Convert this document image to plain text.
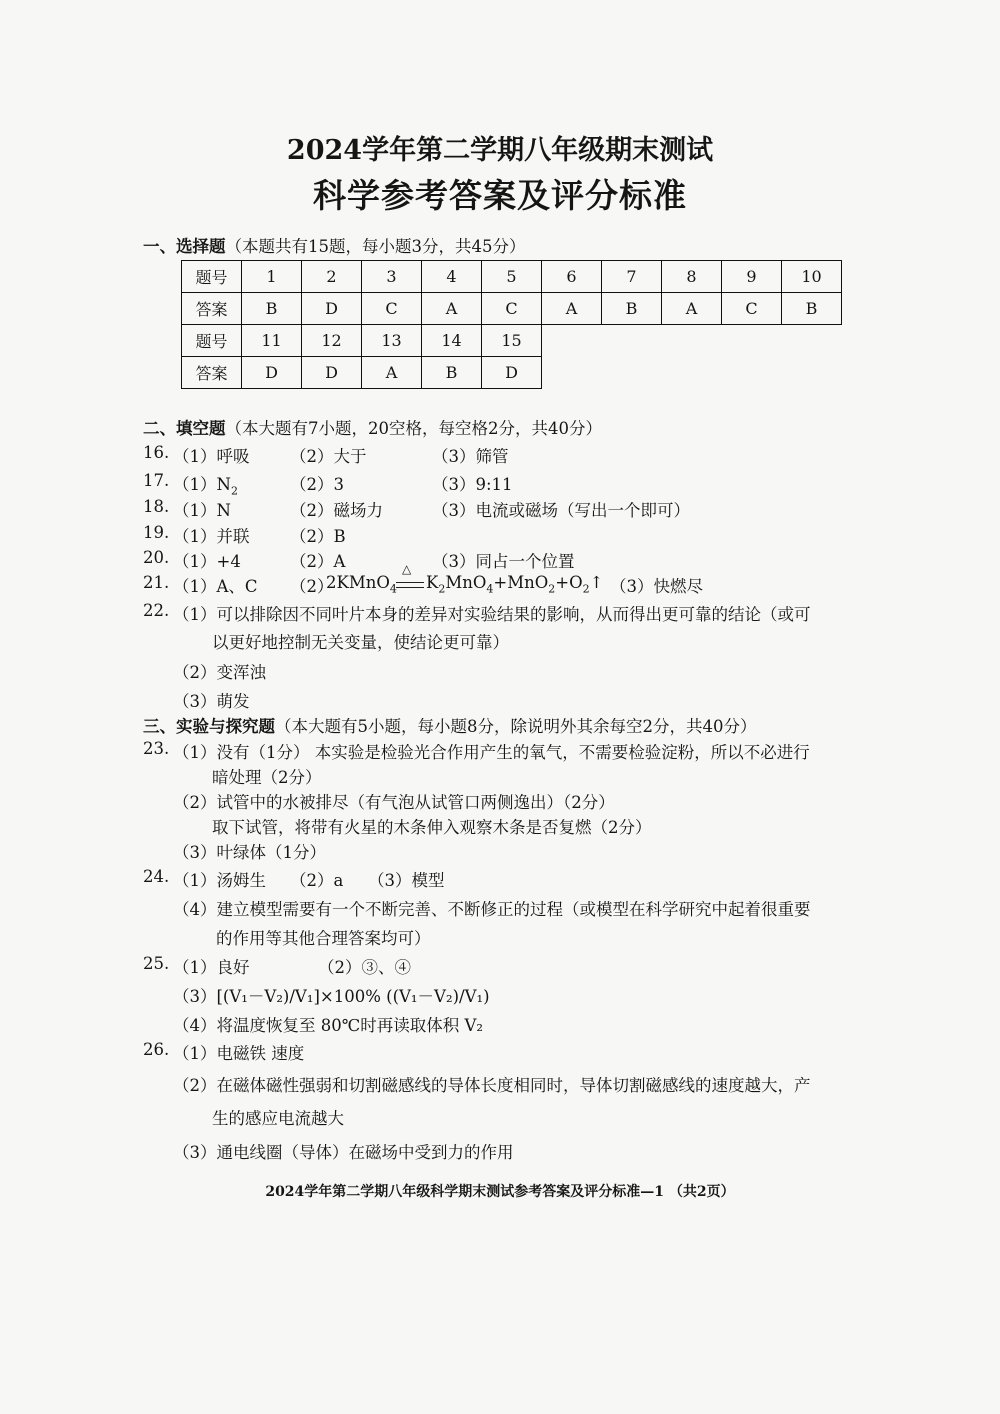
2024学年第二学期八年级期末测试
科学参考答案及评分标准
一、选择题（本题共有15题，每小题3分，共45分）
题号	1	2	3	4	5	6	7	8	9	10
答案	B	D	C	A	C	A	B	A	C	B
题号	11	12	13	14	15					
答案	D	D	A	B	D					
二、填空题（本大题有7小题，20空格，每空格2分，共40分）
16. （1）呼吸 （2）大于	（3）筛管
17. $(1)N_2$	（2）3	（3）9:11
18. （1）N	（2）磁场力	（3）电流或磁场（写出一个即可）
19. （1）并联 （2）B
20. （1）+4	（2）A	（3）同占一个位置
21. （1）A、C （2）
2KMnO$_4$
△
$K_2MnO_4+MnO_2+O_2↑$ （3）快燃尽
22. （1）可以排除因不同叶片本身的差异对实验结果的影响，从而得出更可靠的结论（或可
以更好地控制无关变量，使结论更可靠）
（2）变浑浊
（3）萌发
三、实验与探究题（本大题有5小题，每小题8分，除说明外其余每空2分，共40分）
23. （1）没有（1分） 本实验是检验光合作用产生的氧气，不需要检验淀粉，所以不必进行
暗处理（2分）
（2）试管中的水被排尽（有气泡从试管口两侧逸出）（2分）
取下试管，将带有火星的木条伸入观察木条是否复燃（2分）
（3）叶绿体（1分）
24. （1）汤姆生 （2）a （3）模型
（4）建立模型需要有一个不断完善、不断修正的过程（或模型在科学研究中起着很重要
的作用等其他合理答案均可）
25. （1）良好	（2）③、④
（3）[(V₁－V₂)/V₁]×100% ((V₁－V₂)/V₁)
（4）将温度恢复至 80℃时再读取体积 V₂
26. （1）电磁铁 速度
（2）在磁体磁性强弱和切割磁感线的导体长度相同时，导体切割磁感线的速度越大，产
生的感应电流越大
（3）通电线圈（导体）在磁场中受到力的作用
2024学年第二学期八年级科学期末测试参考答案及评分标准—1 （共2页）
